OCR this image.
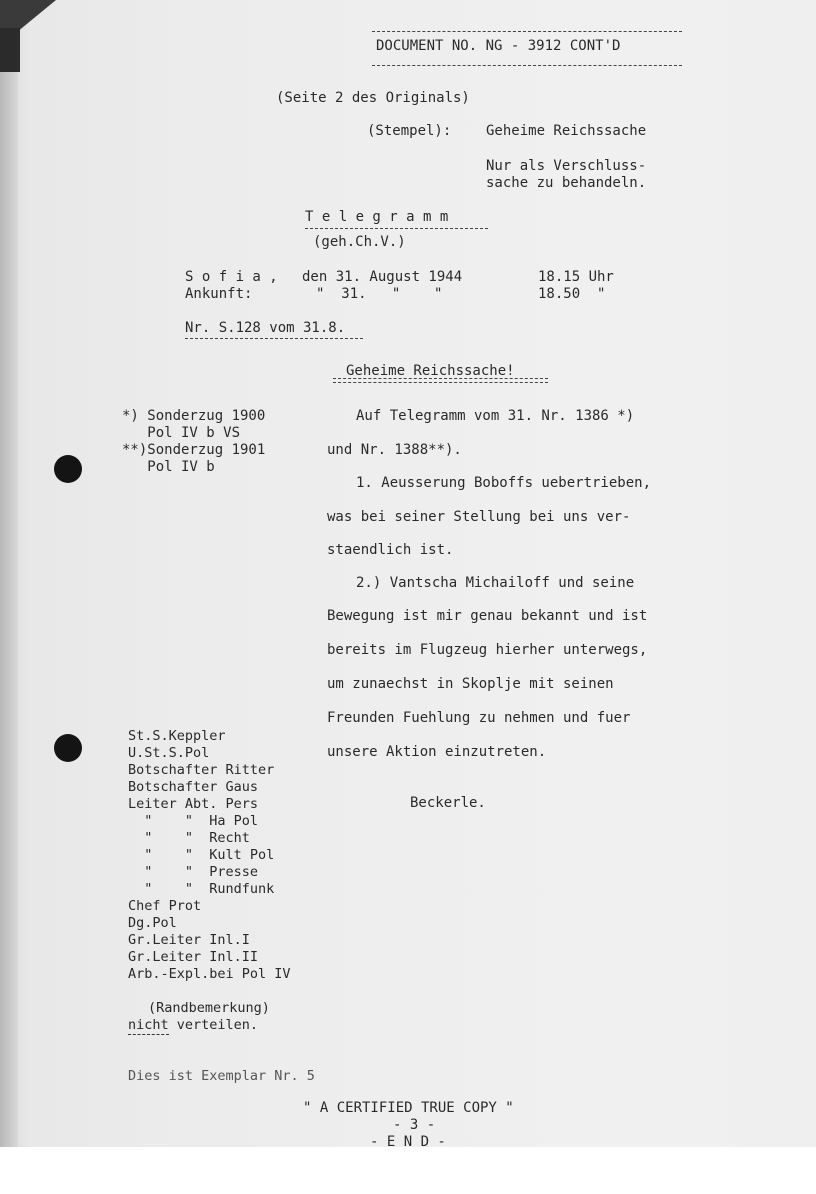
DOCUMENT NO. NG - 3912 CONT'D
(Seite 2 des Originals)
(Stempel): Geheime Reichssache
Nur als Verschluss-
sache zu behandeln.
T e l e g r a m m
(geh.Ch.V.)
S o f i a , den 31. August 1944	18.15 Uhr
Ankunft:	"  31.   "    "	18.50  "
Nr. S.128 vom 31.8.
Geheime Reichssache!
*) Sonderzug 1900
Pol IV b VS
**)Sonderzug 1901
Pol IV b
Auf Telegramm vom 31. Nr. 1386 *)
und Nr. 1388**).
1. Aeusserung Boboffs uebertrieben,
was bei seiner Stellung bei uns ver-
staendlich ist.
2.) Vantscha Michailoff und seine
Bewegung ist mir genau bekannt und ist
bereits im Flugzeug hierher unterwegs,
um zunaechst in Skoplje mit seinen
Freunden Fuehlung zu nehmen und fuer
unsere Aktion einzutreten.
Beckerle.
St.S.Keppler
U.St.S.Pol
Botschafter Ritter
Botschafter Gaus
Leiter Abt. Pers
"    "  Ha Pol
"    "  Recht
"    "  Kult Pol
"    "  Presse
"    "  Rundfunk
Chef Prot
Dg.Pol
Gr.Leiter Inl.I
Gr.Leiter Inl.II
Arb.-Expl.bei Pol IV
(Randbemerkung)
nicht verteilen.
Dies ist Exemplar Nr. 5
" A CERTIFIED TRUE COPY "
- 3 -
- E N D -
